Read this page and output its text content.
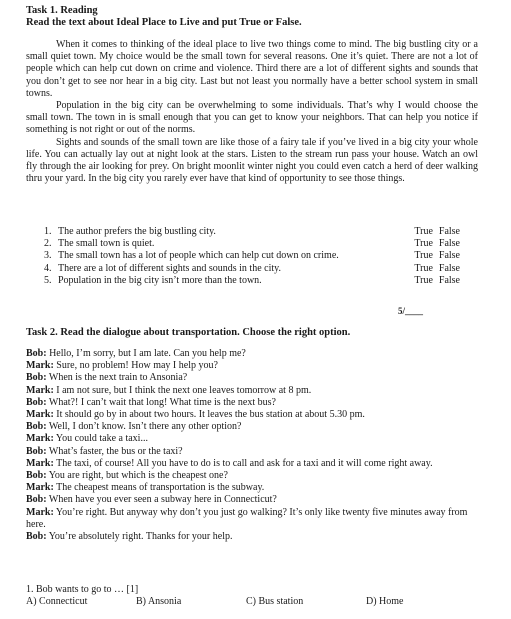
Task 1. Reading
Read the text about Ideal Place to Live and put True or False.

When it comes to thinking of the ideal place to live two things come to mind. The big bustling city or a small quiet town. My choice would be the small town for several reasons. One it’s quiet. There are not a lot of people which can help cut down on crime and violence. Third there are a lot of different sights and sounds that you don’t get to see nor hear in a big city. Last but not least you normally have a better school system in small towns.

Population in the big city can be overwhelming to some individuals. That’s why I would choose the small town. The town in is small enough that you can get to know your neighbors. That can help you notice if something is not right or out of the norms.

Sights and sounds of the small town are like those of a fairy tale if you’ve lived in a big city your whole life. You can actually lay out at night look at the stars. Listen to the stream run pass your house. Watch an owl fly through the air looking for prey. On bright moonlit winter night you could even catch a herd of deer walking thru your yard. In the big city you rarely ever have that kind of opportunity to see those things.

1. The author prefers the big bustling city.	True False
2. The small town is quiet.	True False
3. The small town has a lot of people which can help cut down on crime.	True False
4. There are a lot of different sights and sounds in the city.	True False
5. Population in the big city isn’t more than the town.	True False
5/____
Task 2. Read the dialogue about transportation. Choose the right option.

Bob: Hello, I’m sorry, but I am late. Can you help me?

Mark: Sure, no problem! How may I help you?

Bob: When is the next train to Ansonia?

Mark: I am not sure, but I think the next one leaves tomorrow at 8 pm.

Bob: What?! I can’t wait that long! What time is the next bus?

Mark: It should go by in about two hours. It leaves the bus station at about 5.30 pm.

Bob: Well, I don’t know. Isn’t there any other option?

Mark: You could take a taxi...

Bob: What’s faster, the bus or the taxi?

Mark: The taxi, of course! All you have to do is to call and ask for a taxi and it will come right away.

Bob: You are right, but which is the cheapest one?

Mark: The cheapest means of transportation is the subway.

Bob: When have you ever seen a subway here in Connecticut?

Mark: You’re right. But anyway why don’t you just go walking? It’s only like twenty five minutes away from here.

Bob: You’re absolutely right. Thanks for your help.

1. Bob wants to go to … [1]
A) Connecticut	B) Ansonia	C) Bus station	D) Home
